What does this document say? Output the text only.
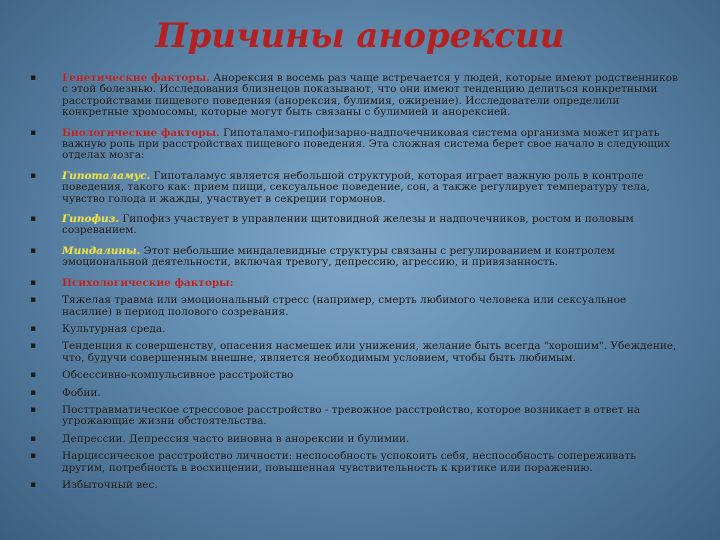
Причины анорексии
▪ Генетические факторы. Анорексия в восемь раз чаще встречается у людей, которые имеют родственников с этой болезнью. Исследования близнецов показывают, что они имеют тенденцию делиться конкретными расстройствами пищевого поведения (анорексия, булимия, ожирение). Исследователи определили конкретные хромосомы, которые могут быть связаны с булимией и анорексией.
▪ Биологические факторы. Гипоталамо-гипофизарно-надпочечниковая система организма может играть важную роль при расстройствах пищевого поведения. Эта сложная система берет свое начало в следующих отделах мозга:
▪ Гипоталамус. Гипоталамус является небольшой структурой, которая играет важную роль в контроле поведения, такого как: прием пищи, сексуальное поведение, сон, а также регулирует температуру тела, чувство голода и жажды, участвует в секреции гормонов.
▪ Гипофиз. Гипофиз участвует в управлении щитовидной железы и надпочечников, ростом и половым созреванием.
▪ Миндалины. Этот небольшие миндалевидные структуры связаны с регулированием и контролем эмоциональной деятельности, включая тревогу, депрессию, агрессию, и привязанность.
▪ Психологические факторы:
▪ Тяжелая травма или эмоциональный стресс (например, смерть любимого человека или сексуальное насилие) в период полового созревания.
▪ Культурная среда.
▪ Тенденция к совершенству, опасения насмешек или унижения, желание быть всегда "хорошим". Убеждение, что, будучи совершенным внешне, является необходимым условием, чтобы быть любимым.
▪ Обсессивно-компульсивное расстройство
▪ Фобии.
▪ Посттравматическое стрессовое расстройство - тревожное расстройство, которое возникает в ответ на угрожающие жизни обстоятельства.
▪ Депрессии. Депрессия часто виновна в анорексии и булимии.
▪ Нарциссическое расстройство личности: неспособность успокоить себя, неспособность сопереживать другим, потребность в восхищении, повышенная чувствительность к критике или поражению.
▪ Избыточный вес.
